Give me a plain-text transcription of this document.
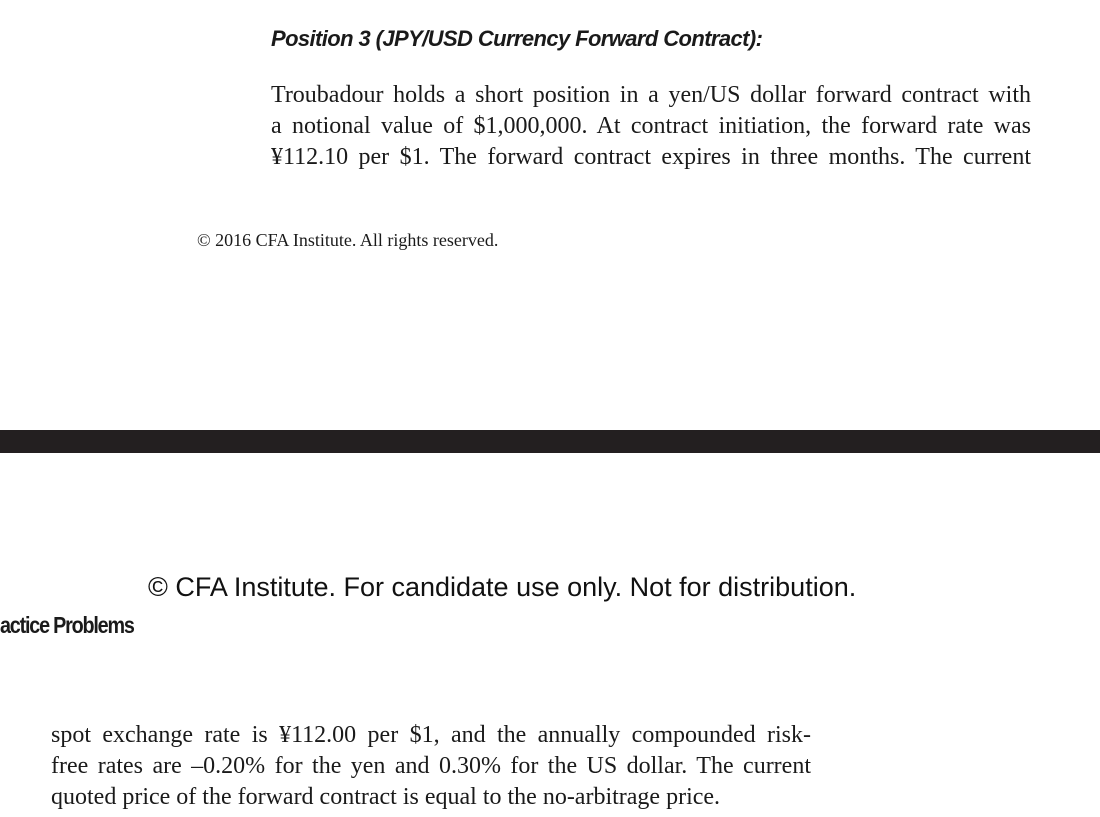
Position 3 (JPY/USD Currency Forward Contract):
Troubadour holds a short position in a yen/US dollar forward contract with
a notional value of $1,000,000. At contract initiation, the forward rate was
¥112.10 per $1. The forward contract expires in three months. The current
© 2016 CFA Institute. All rights reserved.
© CFA Institute. For candidate use only. Not for distribution.
actice Problems
spot exchange rate is ¥112.00 per $1, and the annually compounded risk-
free rates are –0.20% for the yen and 0.30% for the US dollar. The current
quoted price of the forward contract is equal to the no-arbitrage price.
